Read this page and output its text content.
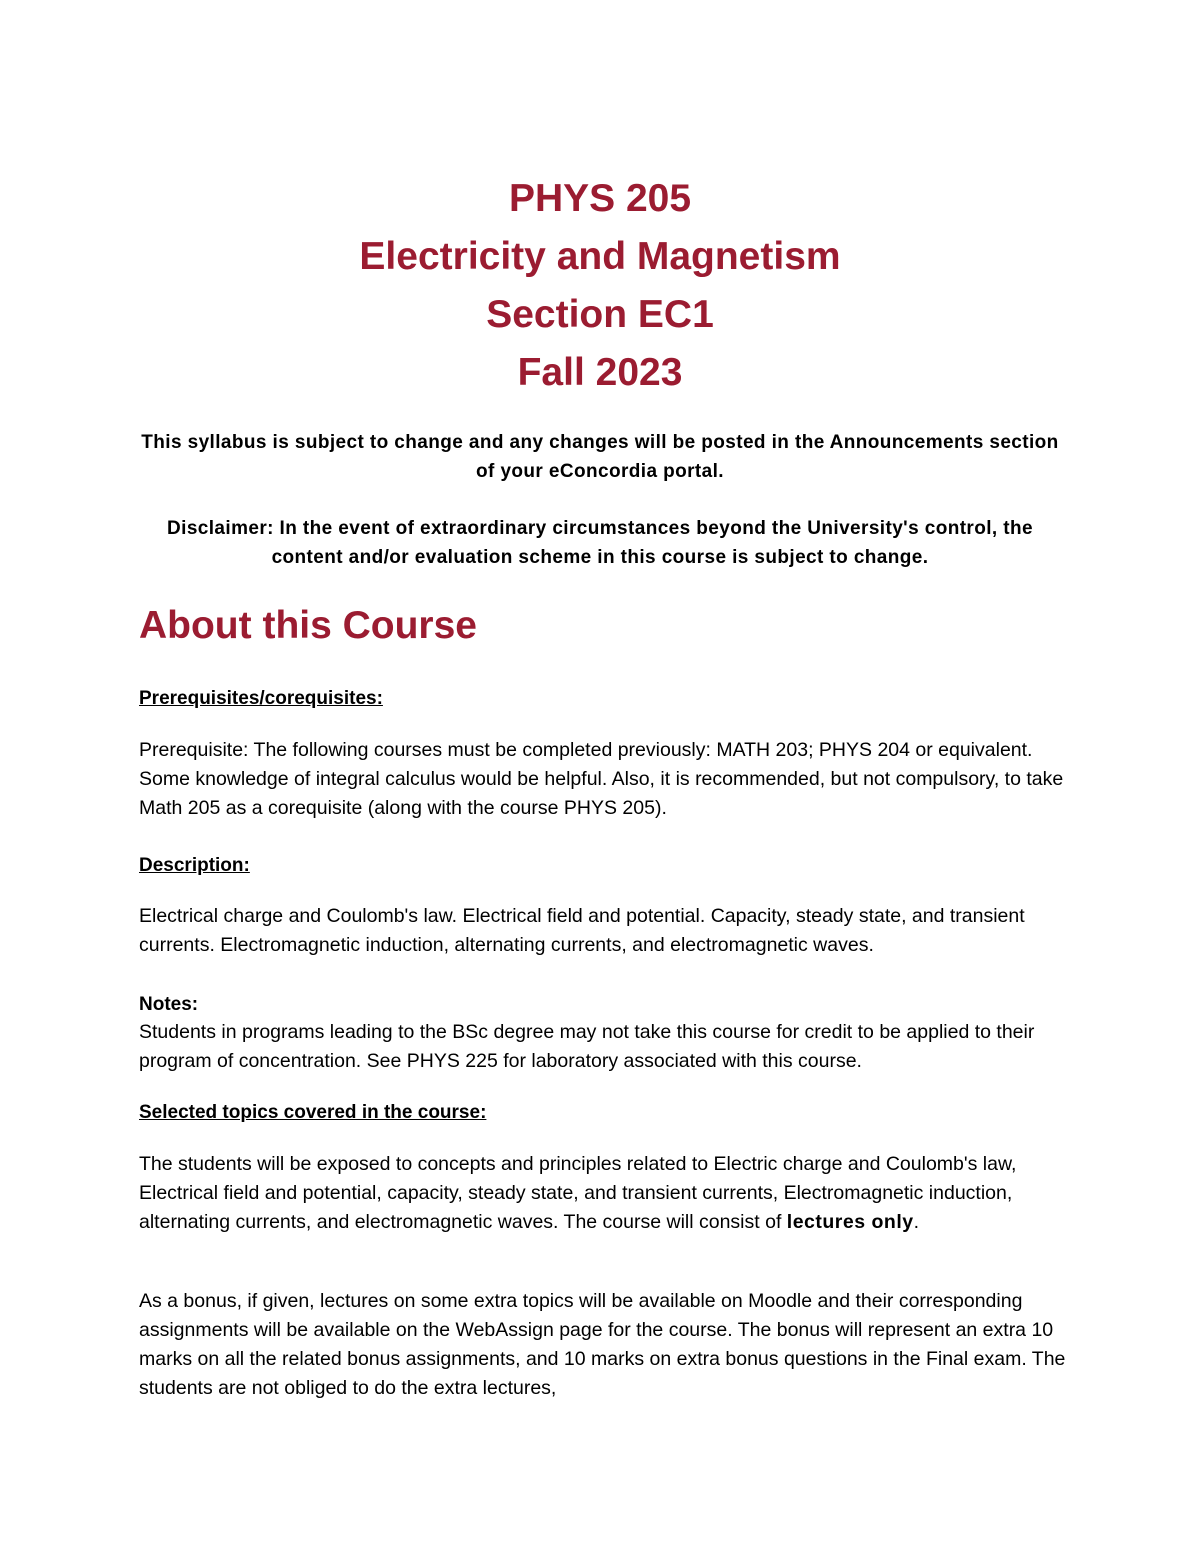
PHYS 205
Electricity and Magnetism
Section EC1
Fall 2023
This syllabus is subject to change and any changes will be posted in the Announcements section of your eConcordia portal.
Disclaimer: In the event of extraordinary circumstances beyond the University's control, the content and/or evaluation scheme in this course is subject to change.
About this Course
Prerequisites/corequisites:
Prerequisite: The following courses must be completed previously: MATH 203; PHYS 204 or equivalent. Some knowledge of integral calculus would be helpful. Also, it is recommended, but not compulsory, to take Math 205 as a corequisite (along with the course PHYS 205).
Description:
Electrical charge and Coulomb's law. Electrical field and potential. Capacity, steady state, and transient currents. Electromagnetic induction, alternating currents, and electromagnetic waves.
Notes:
Students in programs leading to the BSc degree may not take this course for credit to be applied to their program of concentration. See PHYS 225 for laboratory associated with this course.
Selected topics covered in the course:
The students will be exposed to concepts and principles related to Electric charge and Coulomb's law, Electrical field and potential, capacity, steady state, and transient currents, Electromagnetic induction, alternating currents, and electromagnetic waves. The course will consist of lectures only.
As a bonus, if given, lectures on some extra topics will be available on Moodle and their corresponding assignments will be available on the WebAssign page for the course. The bonus will represent an extra 10 marks on all the related bonus assignments, and 10 marks on extra bonus questions in the Final exam. The students are not obliged to do the extra lectures,
